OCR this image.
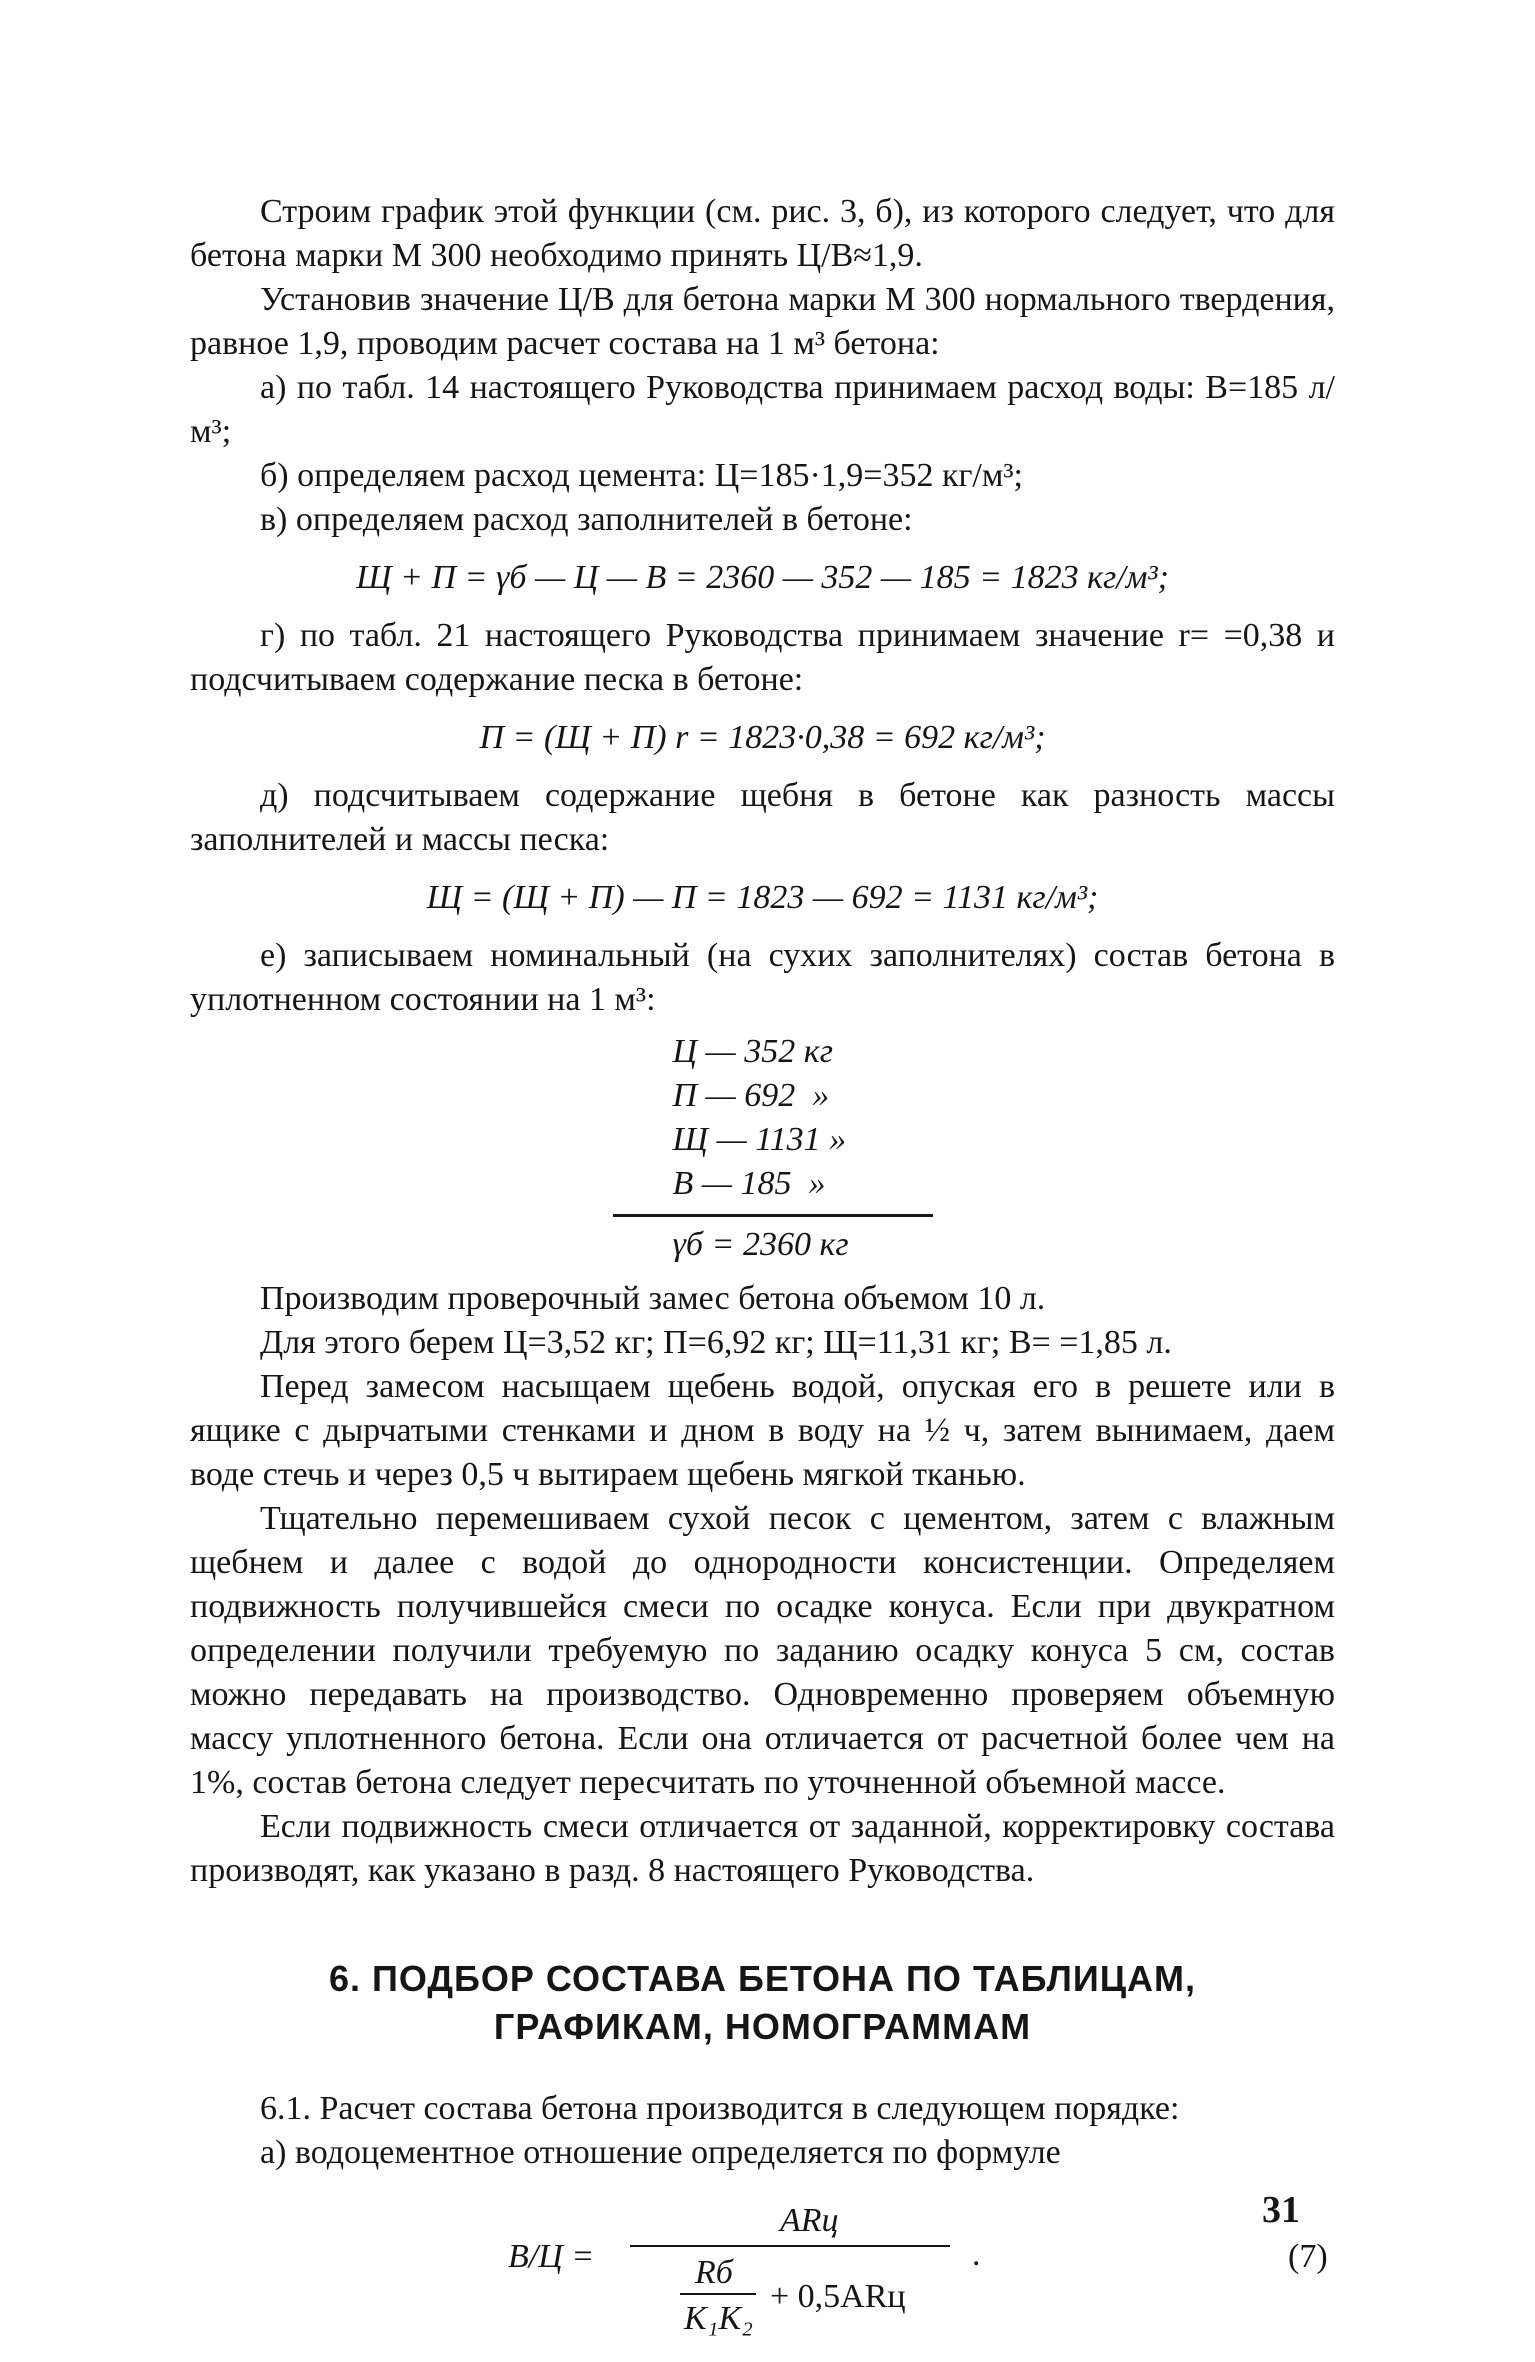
Строим график этой функции (см. рис. 3, б), из которого следует, что для бетона марки М 300 необходимо принять Ц/В≈1,9.

Установив значение Ц/В для бетона марки М 300 нормального твердения, равное 1,9, проводим расчет состава на 1 м³ бетона:

а) по табл. 14 настоящего Руководства принимаем расход воды: В=185 л/м³;

б) определяем расход цемента: Ц=185·1,9=352 кг/м³;

в) определяем расход заполнителей в бетоне:

Щ + П = γб — Ц — В = 2360 — 352 — 185 = 1823 кг/м³;

г) по табл. 21 настоящего Руководства принимаем значение r= =0,38 и подсчитываем содержание песка в бетоне:

П = (Щ + П) r = 1823·0,38 = 692 кг/м³;

д) подсчитываем содержание щебня в бетоне как разность массы заполнителей и массы песка:

Щ = (Щ + П) — П = 1823 — 692 = 1131 кг/м³;

е) записываем номинальный (на сухих заполнителях) состав бетона в уплотненном состоянии на 1 м³:

Ц — 352 кг
П — 692  »
Щ — 1131 »
В — 185  »
γб = 2360 кг

Производим проверочный замес бетона объемом 10 л.

Для этого берем Ц=3,52 кг; П=6,92 кг; Щ=11,31 кг; В= =1,85 л.

Перед замесом насыщаем щебень водой, опуская его в решете или в ящике с дырчатыми стенками и дном в воду на ½ ч, затем вынимаем, даем воде стечь и через 0,5 ч вытираем щебень мягкой тканью.

Тщательно перемешиваем сухой песок с цементом, затем с влажным щебнем и далее с водой до однородности консистенции. Определяем подвижность получившейся смеси по осадке конуса. Если при двукратном определении получили требуемую по заданию осадку конуса 5 см, состав можно передавать на производство. Одновременно проверяем объемную массу уплотненного бетона. Если она отличается от расчетной более чем на 1%, состав бетона следует пересчитать по уточненной объемной массе.

Если подвижность смеси отличается от заданной, корректировку состава производят, как указано в разд. 8 настоящего Руководства.

6. ПОДБОР СОСТАВА БЕТОНА ПО ТАБЛИЦАМ,
ГРАФИКАМ, НОМОГРАММАМ

6.1. Расчет состава бетона производится в следующем порядке:

а) водоцементное отношение определяется по формуле

В/Ц =
ARц
Rб
K₁K₂
+ 0,5ARц
.	(7)
31
